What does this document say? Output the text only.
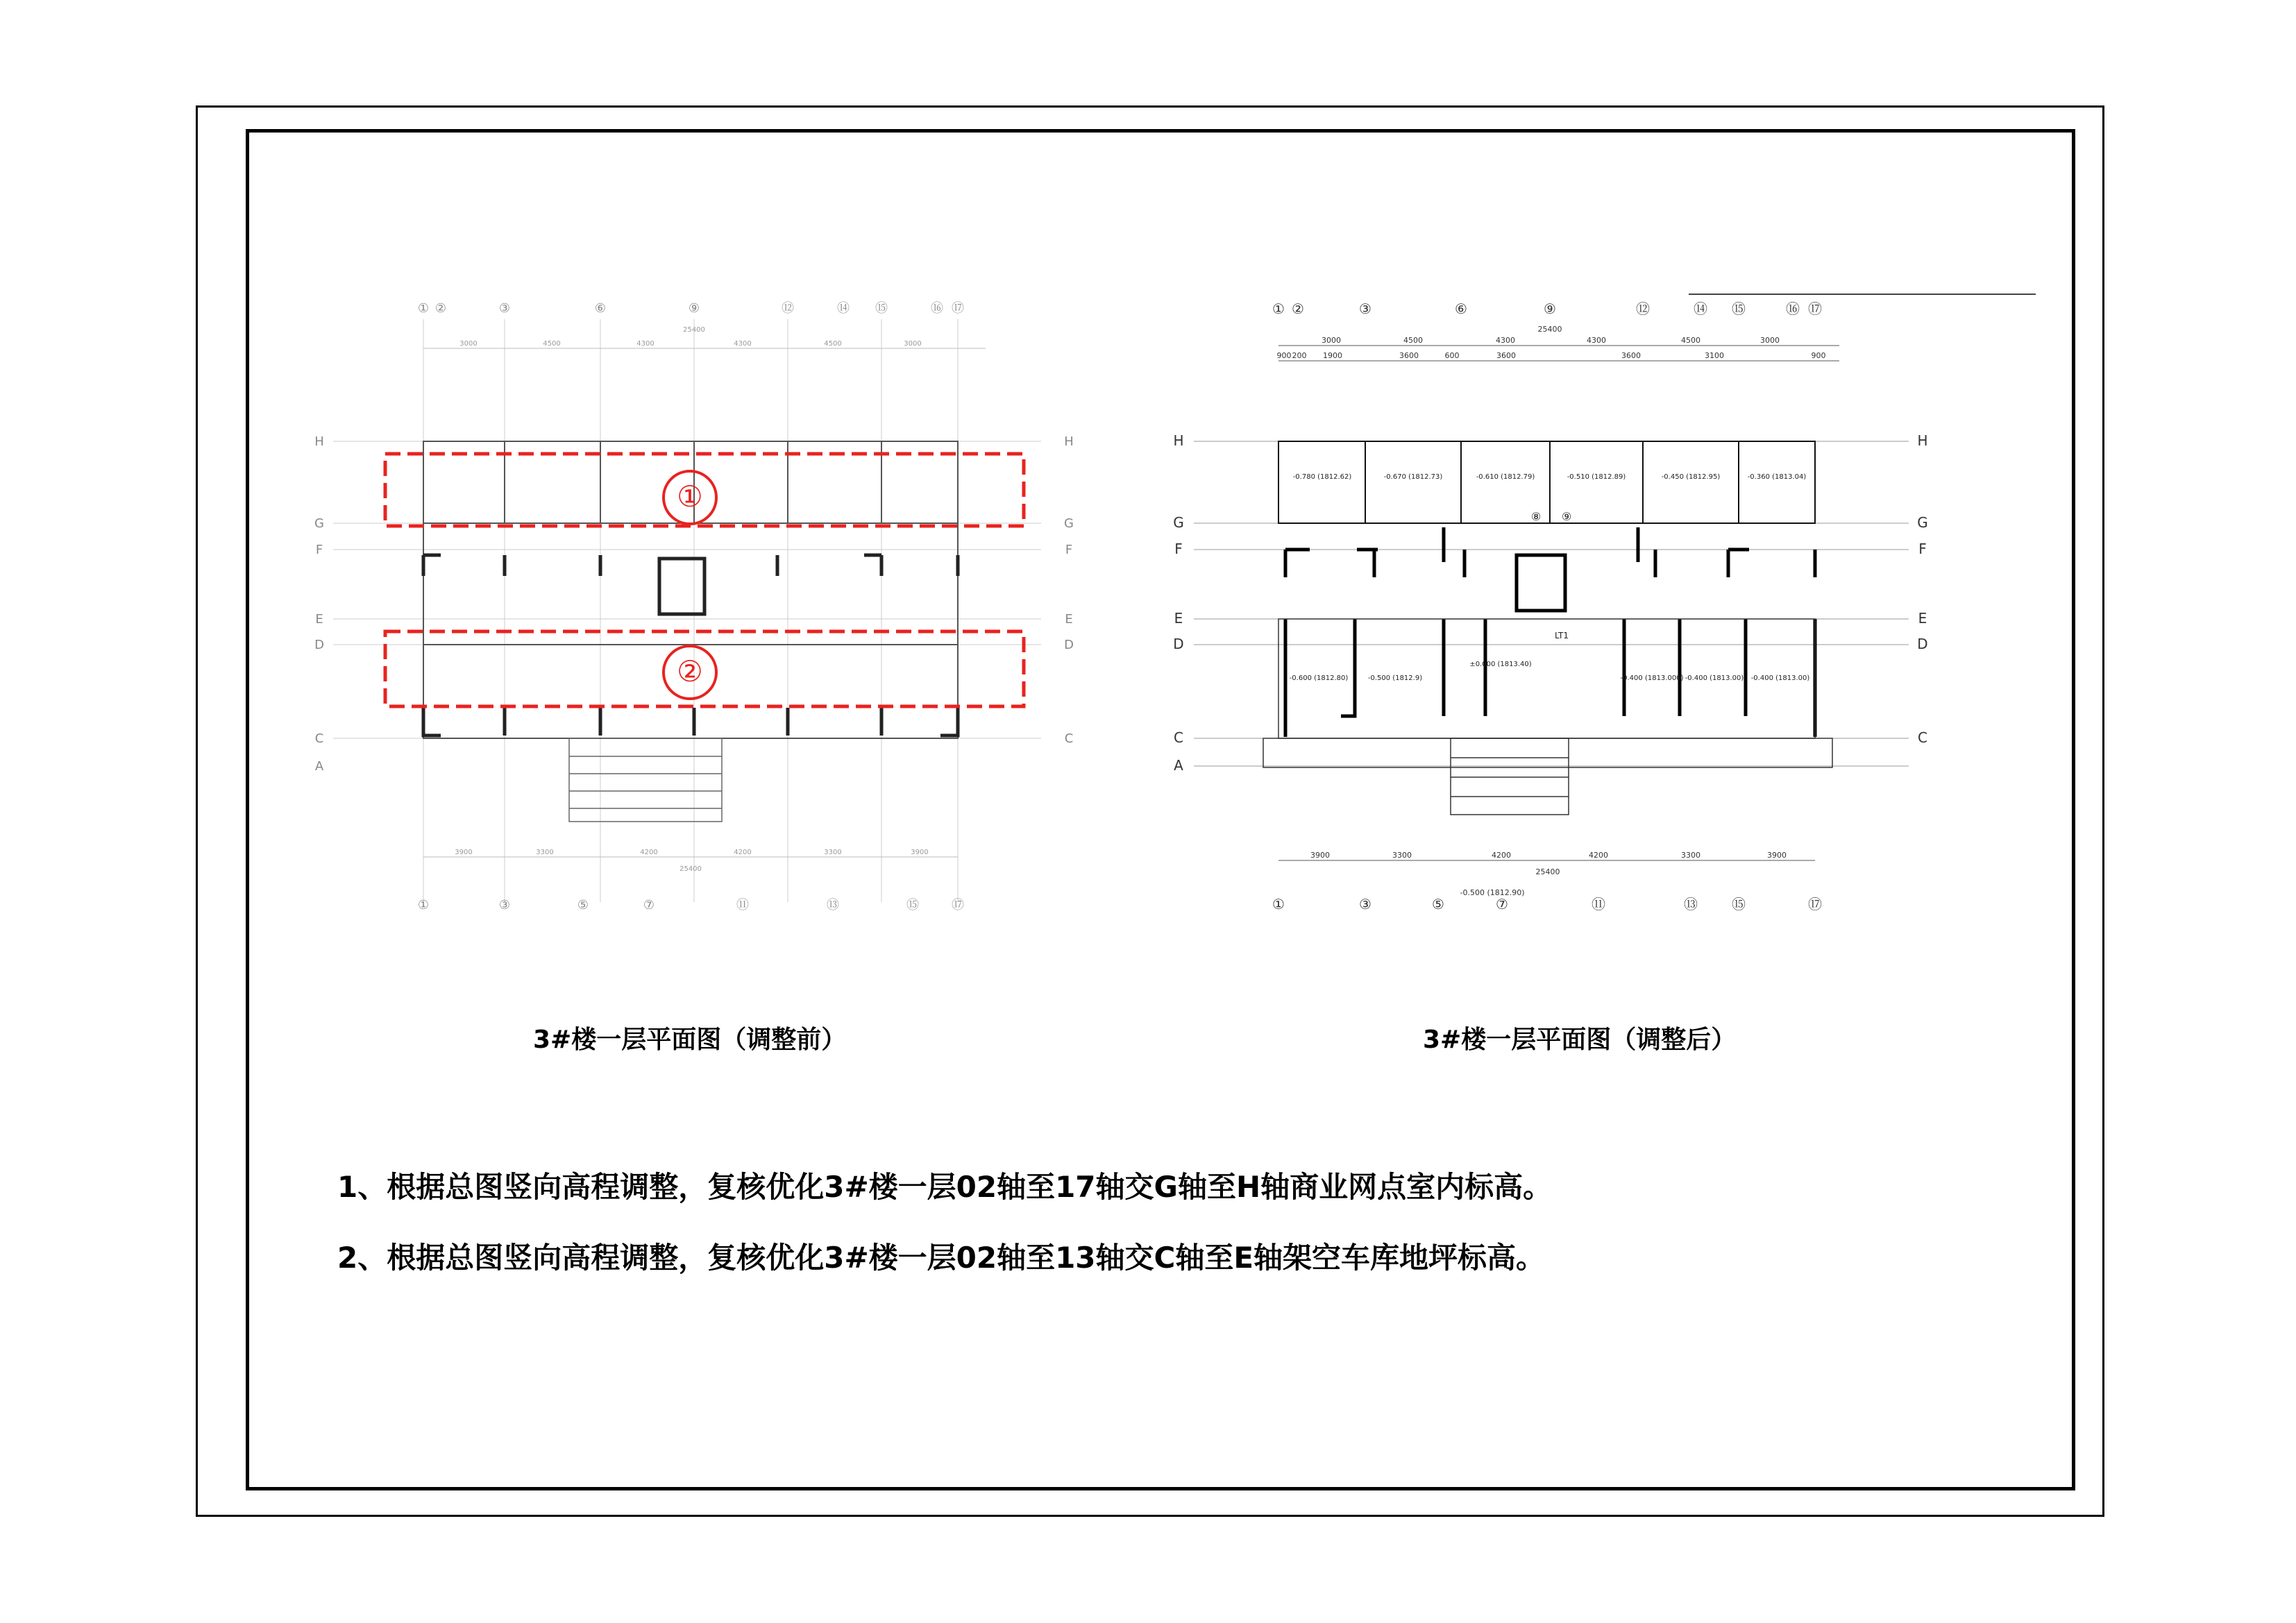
① ②	③	⑥	⑨	⑫	⑭ ⑮	⑯ ⑰
3000	4500	4300	4300	4500	3000
25400
H
G
F
E
D
C
A
H
G
F
E
D
C
①	③	⑤	⑦	⑪	⑬	⑮	⑰
3900	3300	4200	4200	3300	3900
25400
①
②
3#楼一层平面图（调整前）
① ②	③	⑥	⑨	⑫	⑭ ⑮	⑯ ⑰
25400
3000	4500	4300	4300	4500	3000
900 200 1900	3600	600	3600	3600	3100	900
H
G
F
E
D
C
A
H
G
F
E
D
C
-0.780 (1812.62)	-0.670 (1812.73)	-0.610 (1812.79)	-0.510 (1812.89)	-0.450 (1812.95)	-0.360 (1813.04)
-0.600 (1812.80)	-0.500 (1812.9)	-0.400 (1813.000) -0.400 (1813.00) -0.400 (1813.00)
⑧ ⑨
LT1
±0.000 (1813.40)
①	③	⑤	⑦	⑪	⑬ ⑮	⑰
3900	3300	4200	4200	3300	3900
25400
-0.500 (1812.90)
3#楼一层平面图（调整后）
1、根据总图竖向高程调整，复核优化3#楼一层02轴至17轴交G轴至H轴商业网点室内标高。
2、根据总图竖向高程调整，复核优化3#楼一层02轴至13轴交C轴至E轴架空车库地坪标高。
